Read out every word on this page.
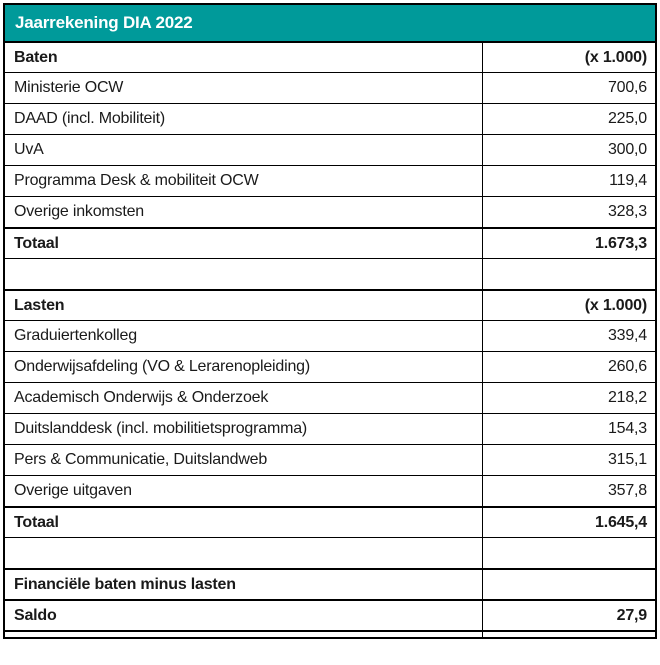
Jaarrekening DIA 2022
Baten	(x 1.000)
Ministerie OCW	700,6
DAAD (incl. Mobiliteit)	225,0
UvA	300,0
Programma Desk & mobiliteit OCW	119,4
Overige inkomsten	328,3
Totaal	1.673,3
Lasten	(x 1.000)
Graduiertenkolleg	339,4
Onderwijsafdeling (VO & Lerarenopleiding)	260,6
Academisch Onderwijs & Onderzoek	218,2
Duitslanddesk (incl. mobilitietsprogramma)	154,3
Pers & Communicatie, Duitslandweb	315,1
Overige uitgaven	357,8
Totaal	1.645,4
Financiële baten minus lasten
Saldo	27,9
